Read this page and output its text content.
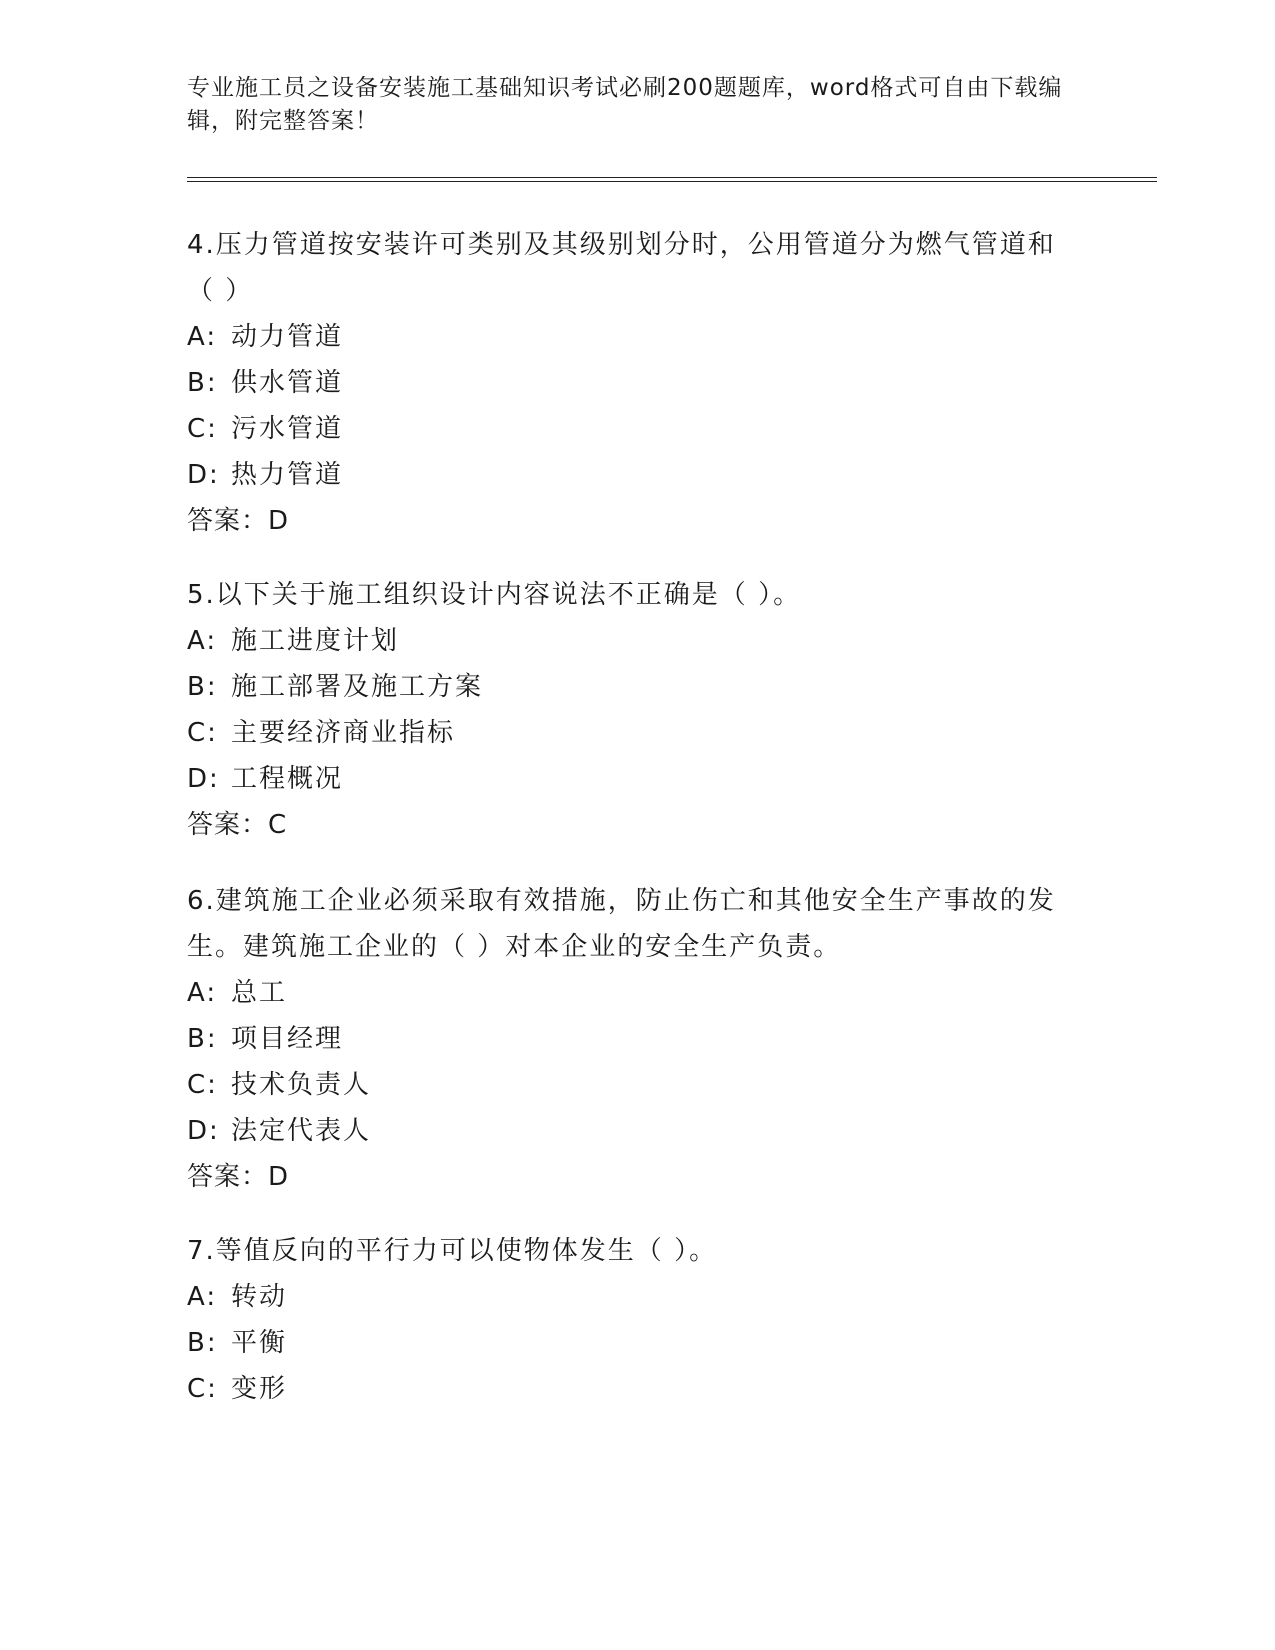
专业施工员之设备安装施工基础知识考试必刷200题题库，word格式可自由下载编辑，附完整答案！
4.压力管道按安装许可类别及其级别划分时，公用管道分为燃气管道和（ ）
A: 动力管道
B: 供水管道
C: 污水管道
D: 热力管道
答案：D
5.以下关于施工组织设计内容说法不正确是（ ）。
A: 施工进度计划
B: 施工部署及施工方案
C: 主要经济商业指标
D: 工程概况
答案：C
6.建筑施工企业必须采取有效措施，防止伤亡和其他安全生产事故的发生。建筑施工企业的（ ）对本企业的安全生产负责。
A: 总工
B: 项目经理
C: 技术负责人
D: 法定代表人
答案：D
7.等值反向的平行力可以使物体发生（ ）。
A: 转动
B: 平衡
C: 变形
